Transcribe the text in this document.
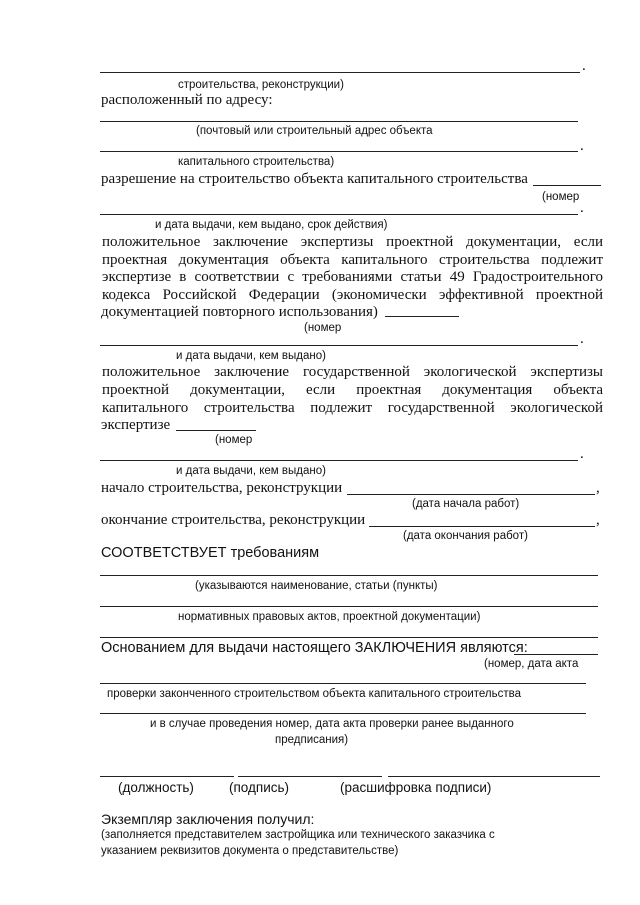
.
строительства, реконструкции)
расположенный по адресу:
(почтовый или строительный адрес объекта
.
капитального строительства)
разрешение на строительство объекта капитального строительства
(номер
.
и дата выдачи, кем выдано, срок действия)
положительное заключение экспертизы проектной документации, если
проектная документация объекта капитального строительства подлежит
экспертизе в соответствии с требованиями статьи 49 Градостроительного
кодекса Российской Федерации (экономически эффективной проектной
документацией повторного использования)
(номер
.
и дата выдачи, кем выдано)
положительное заключение государственной экологической экспертизы
проектной документации, если проектная документация объекта
капитального строительства подлежит государственной экологической
экспертизе
(номер
.
и дата выдачи, кем выдано)
начало строительства, реконструкции	,
(дата начала работ)
окончание строительства, реконструкции	,
(дата окончания работ)
СООТВЕТСТВУЕТ требованиям
(указываются наименование, статьи (пункты)
нормативных правовых актов, проектной документации)
Основанием для выдачи настоящего ЗАКЛЮЧЕНИЯ являются:
(номер, дата акта
проверки законченного строительством объекта капитального строительства
и в случае проведения номер, дата акта проверки ранее выданного
предписания)
(должность)	(подпись)	(расшифровка подписи)
Экземпляр заключения получил:
(заполняется представителем застройщика или технического заказчика с
указанием реквизитов документа о представительстве)
